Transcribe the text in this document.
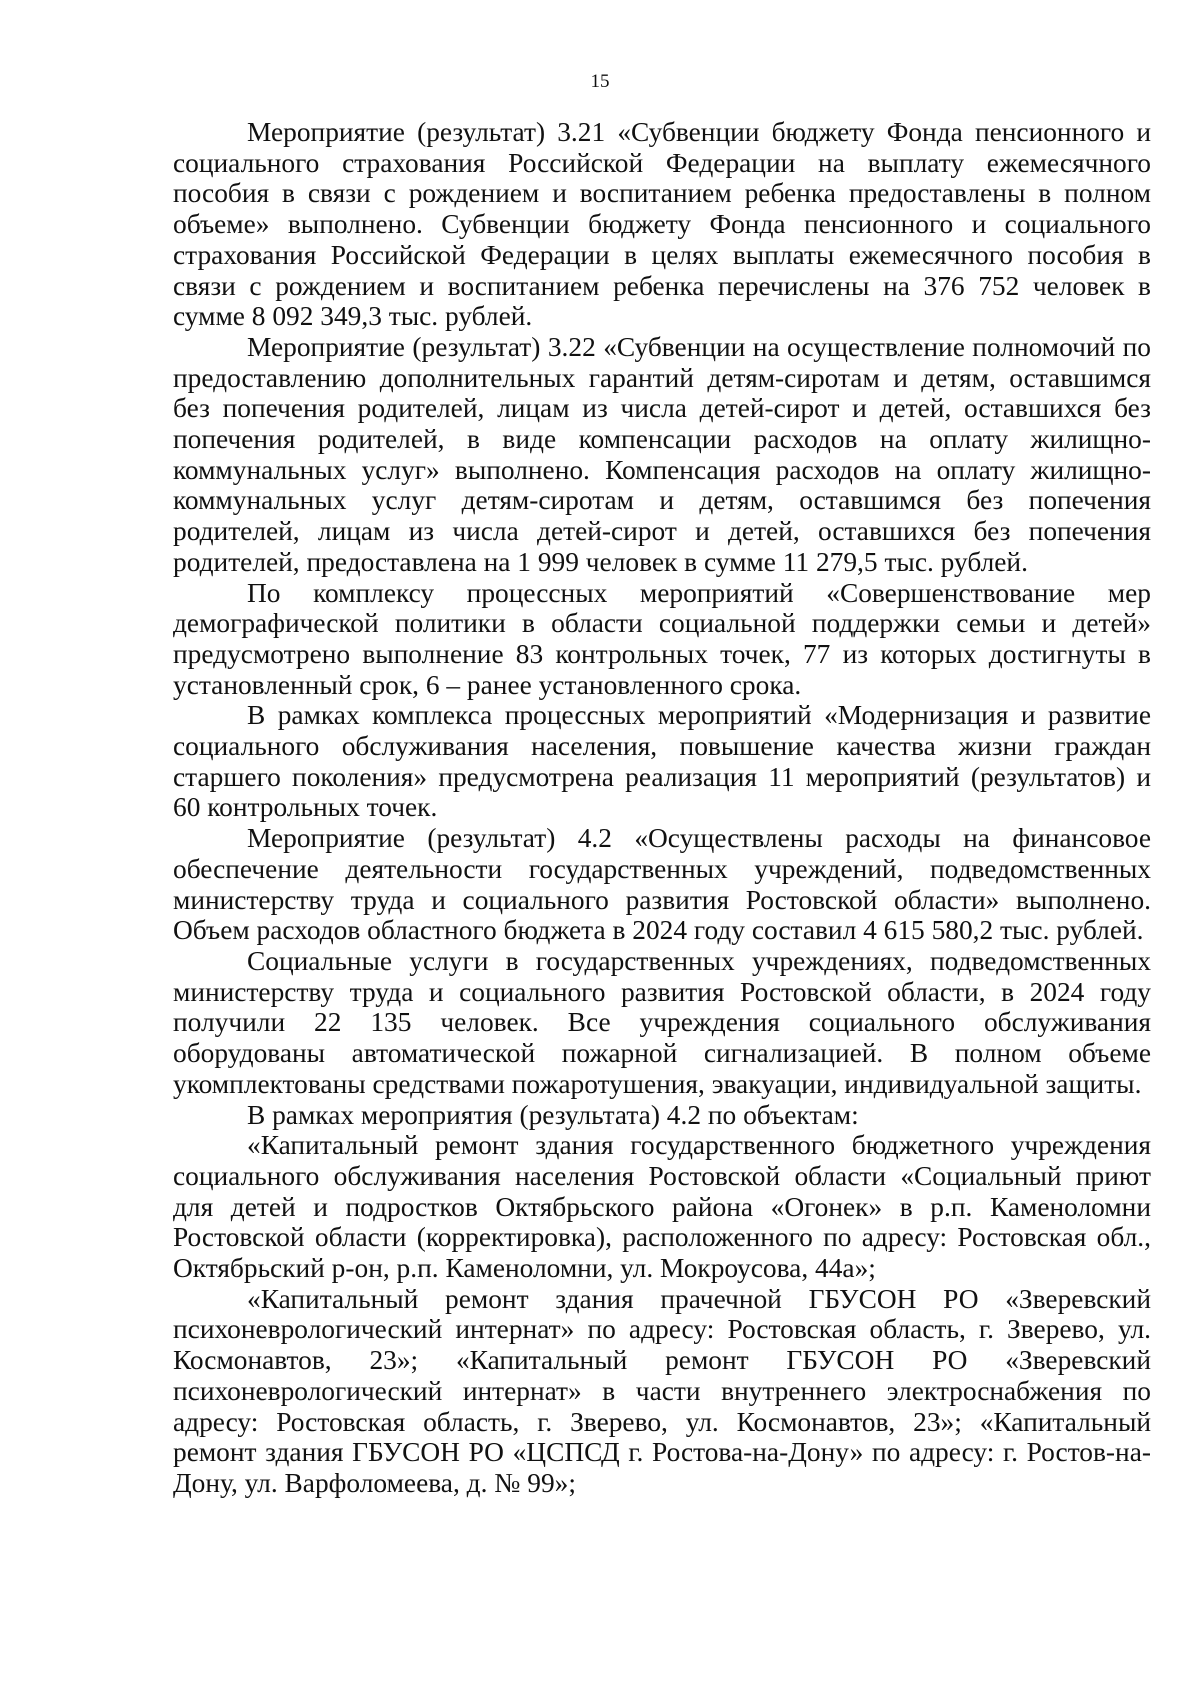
15

Мероприятие (результат) 3.21 «Субвенции бюджету Фонда пенсионного и социального страхования Российской Федерации на выплату ежемесячного пособия в связи с рождением и воспитанием ребенка предоставлены в полном объеме» выполнено. Субвенции бюджету Фонда пенсионного и социального страхования Российской Федерации в целях выплаты ежемесячного пособия в связи с рождением и воспитанием ребенка перечислены на 376 752 человек в сумме 8 092 349,3 тыс. рублей.

Мероприятие (результат) 3.22 «Субвенции на осуществление полномочий по предоставлению дополнительных гарантий детям-сиротам и детям, оставшимся без попечения родителей, лицам из числа детей-сирот и детей, оставшихся без попечения родителей, в виде компенсации расходов на оплату жилищно-коммунальных услуг» выполнено. Компенсация расходов на оплату жилищно-коммунальных услуг детям-сиротам и детям, оставшимся без попечения родителей, лицам из числа детей-сирот и детей, оставшихся без попечения родителей, предоставлена на 1 999 человек в сумме 11 279,5 тыс. рублей.

По комплексу процессных мероприятий «Совершенствование мер демографической политики в области социальной поддержки семьи и детей» предусмотрено выполнение 83 контрольных точек, 77 из которых достигнуты в установленный срок, 6 – ранее установленного срока.

В рамках комплекса процессных мероприятий «Модернизация и развитие социального обслуживания населения, повышение качества жизни граждан старшего поколения» предусмотрена реализация 11 мероприятий (результатов) и 60 контрольных точек.

Мероприятие (результат) 4.2 «Осуществлены расходы на финансовое обеспечение деятельности государственных учреждений, подведомственных министерству труда и социального развития Ростовской области» выполнено. Объем расходов областного бюджета в 2024 году составил 4 615 580,2 тыс. рублей.

Социальные услуги в государственных учреждениях, подведомственных министерству труда и социального развития Ростовской области, в 2024 году получили 22 135 человек. Все учреждения социального обслуживания оборудованы автоматической пожарной сигнализацией. В полном объеме укомплектованы средствами пожаротушения, эвакуации, индивидуальной защиты.

В рамках мероприятия (результата) 4.2 по объектам:

«Капитальный ремонт здания государственного бюджетного учреждения социального обслуживания населения Ростовской области «Социальный приют для детей и подростков Октябрьского района «Огонек» в р.п. Каменоломни Ростовской области (корректировка), расположенного по адресу: Ростовская обл., Октябрьский р-он, р.п. Каменоломни, ул. Мокроусова, 44а»;

«Капитальный ремонт здания прачечной ГБУСОН РО «Зверевский психоневрологический интернат» по адресу: Ростовская область, г. Зверево, ул. Космонавтов, 23»; «Капитальный ремонт ГБУСОН РО «Зверевский психоневрологический интернат» в части внутреннего электроснабжения по адресу: Ростовская область, г. Зверево, ул. Космонавтов, 23»; «Капитальный ремонт здания ГБУСОН РО «ЦСПСД г. Ростова-на-Дону» по адресу: г. Ростов-на-Дону, ул. Варфоломеева, д. № 99»;
